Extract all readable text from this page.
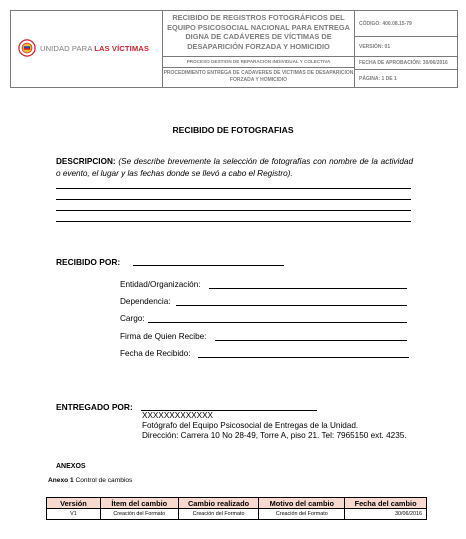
UNIDAD PARA LAS VÍCTIMAS
RECIBIDO DE REGISTROS FOTOGRÁFICOS DEL EQUIPO PSICOSOCIAL NACIONAL PARA ENTREGA DIGNA DE CADÁVERES DE VÍCTIMAS DE DESAPARICIÓN FORZADA Y HOMICIDIO
PROCESO GESTION DE REPARACION INDIVIDUAL Y COLECTIVA
PROCEDIMIENTO ENTREGA DE CADAVERES DE VICTIMAS DE DESAPARICION FORZADA Y HOMICIDIO
CÓDIGO: 400.08.15-79
VERSIÓN: 01
FECHA DE APROBACIÓN: 30/06/2016
PÁGINA: 1 DE 1
RECIBIDO DE FOTOGRAFIAS
DESCRIPCION: (Se describe brevemente la selección de fotografías con nombre de la actividad o evento, el lugar y las fechas donde se llevó a cabo el Registro).
RECIBIDO POR:
Entidad/Organización:
Dependencia:
Cargo:
Firma de Quien Recibe:
Fecha de Recibido:
ENTREGADO POR:
XXXXXXXXXXXXX
Fotógrafo del Equipo Psicosocial de Entregas de la Unidad.
Dirección: Carrera 10 No 28-49, Torre A, piso 21. Tel: 7965150 ext. 4235.
ANEXOS
Anexo 1 Control de cambios
Versión	Ítem del cambio	Cambio realizado	Motivo del cambio	Fecha del cambio
V1	Creación del Formato	Creación del Formato	Creación del Formato	30/06/2016
